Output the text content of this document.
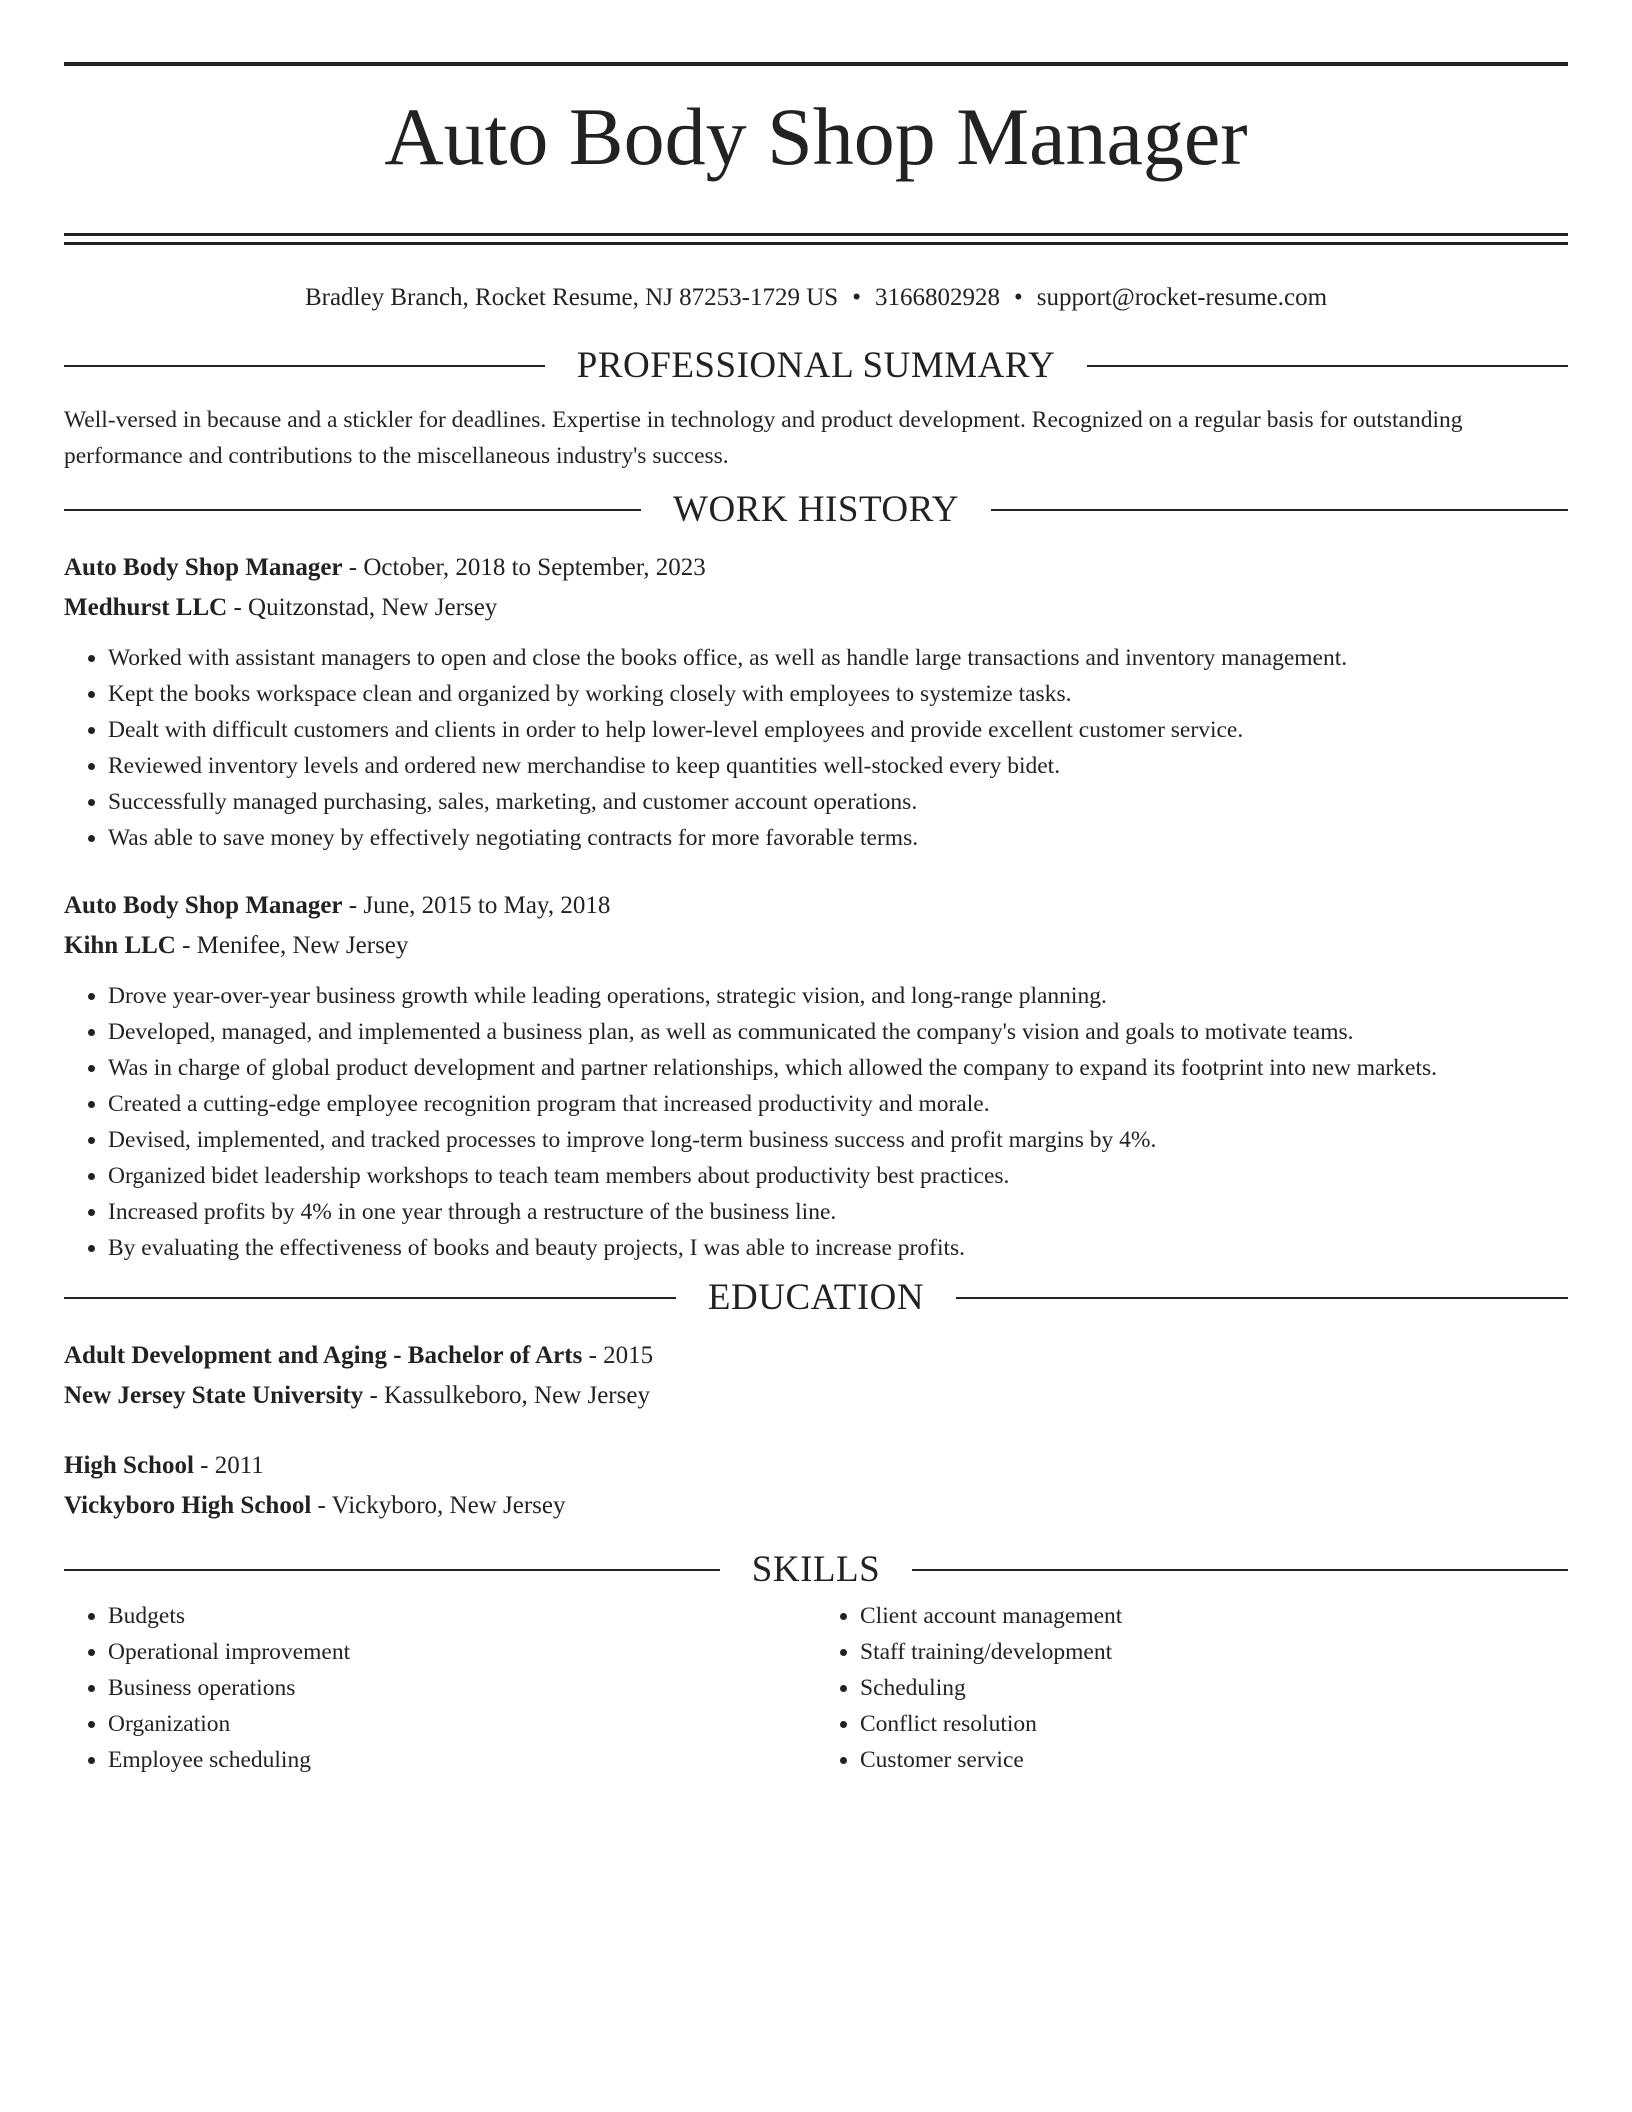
Auto Body Shop Manager
Bradley Branch, Rocket Resume, NJ 87253-1729 US • 3166802928 • support@rocket-resume.com
PROFESSIONAL SUMMARY

Well-versed in because and a stickler for deadlines. Expertise in technology and product development. Recognized on a regular basis for outstanding performance and contributions to the miscellaneous industry's success.

WORK HISTORY

Auto Body Shop Manager - October, 2018 to September, 2023

Medhurst LLC - Quitzonstad, New Jersey

• Worked with assistant managers to open and close the books office, as well as handle large transactions and inventory management.
• Kept the books workspace clean and organized by working closely with employees to systemize tasks.
• Dealt with difficult customers and clients in order to help lower-level employees and provide excellent customer service.
• Reviewed inventory levels and ordered new merchandise to keep quantities well-stocked every bidet.
• Successfully managed purchasing, sales, marketing, and customer account operations.
• Was able to save money by effectively negotiating contracts for more favorable terms.

Auto Body Shop Manager - June, 2015 to May, 2018

Kihn LLC - Menifee, New Jersey

• Drove year-over-year business growth while leading operations, strategic vision, and long-range planning.
• Developed, managed, and implemented a business plan, as well as communicated the company's vision and goals to motivate teams.
• Was in charge of global product development and partner relationships, which allowed the company to expand its footprint into new markets.
• Created a cutting-edge employee recognition program that increased productivity and morale.
• Devised, implemented, and tracked processes to improve long-term business success and profit margins by 4%.
• Organized bidet leadership workshops to teach team members about productivity best practices.
• Increased profits by 4% in one year through a restructure of the business line.
• By evaluating the effectiveness of books and beauty projects, I was able to increase profits.
EDUCATION

Adult Development and Aging - Bachelor of Arts - 2015

New Jersey State University - Kassulkeboro, New Jersey

High School - 2011

Vickyboro High School - Vickyboro, New Jersey

SKILLS
• Budgets
• Operational improvement
• Business operations
• Organization
• Employee scheduling
• Client account management
• Staff training/development
• Scheduling
• Conflict resolution
• Customer service
